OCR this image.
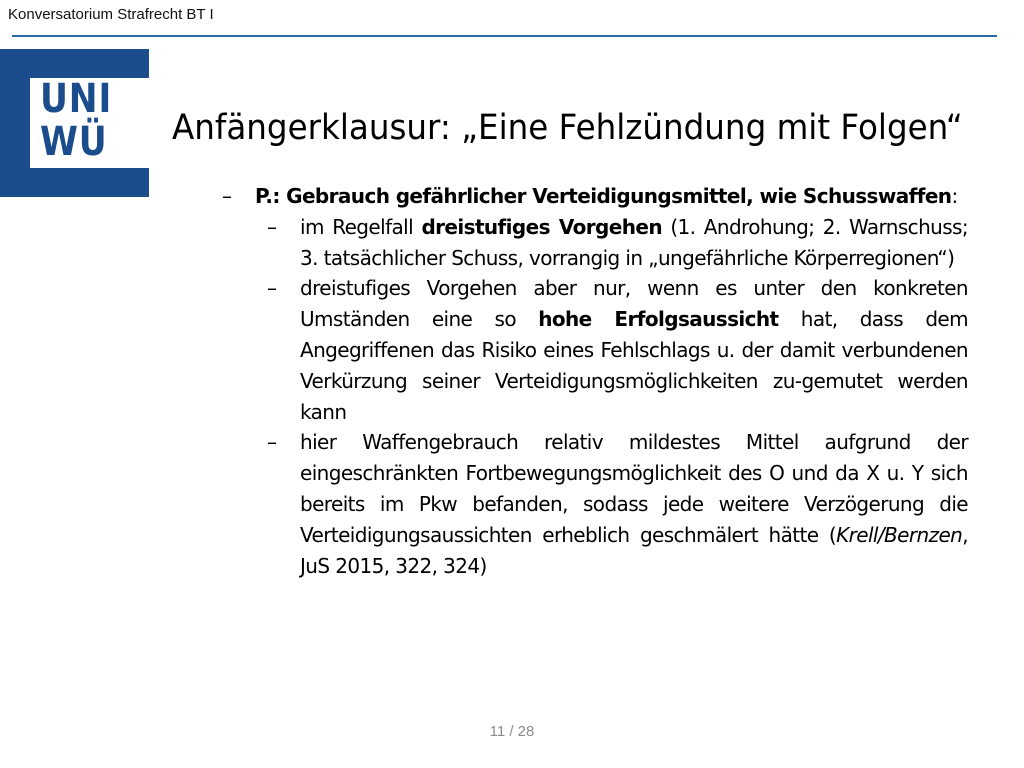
Konversatorium Strafrecht BT I
UNI
WÜ	Anfängerklausur: „Eine Fehlzündung mit Folgen“
– P.: Gebrauch gefährlicher Verteidigungsmittel, wie Schusswaffen:
– im Regelfall dreistufiges Vorgehen (1. Androhung; 2. Warnschuss; 3. tatsächlicher Schuss, vorrangig in „ungefährliche Körperregionen“)
– dreistufiges Vorgehen aber nur, wenn es unter den konkreten Umständen eine so hohe Erfolgsaussicht hat, dass dem Angegriffenen das Risiko eines Fehlschlags u. der damit verbundenen Verkürzung seiner Verteidigungsmöglichkeiten zu-gemutet werden kann
– hier Waffengebrauch relativ mildestes Mittel aufgrund der eingeschränkten Fortbewegungsmöglichkeit des O und da X u. Y sich bereits im Pkw befanden, sodass jede weitere Verzögerung die Verteidigungsaussichten erheblich geschmälert hätte (Krell/Bernzen, JuS 2015, 322, 324)
11 / 28
